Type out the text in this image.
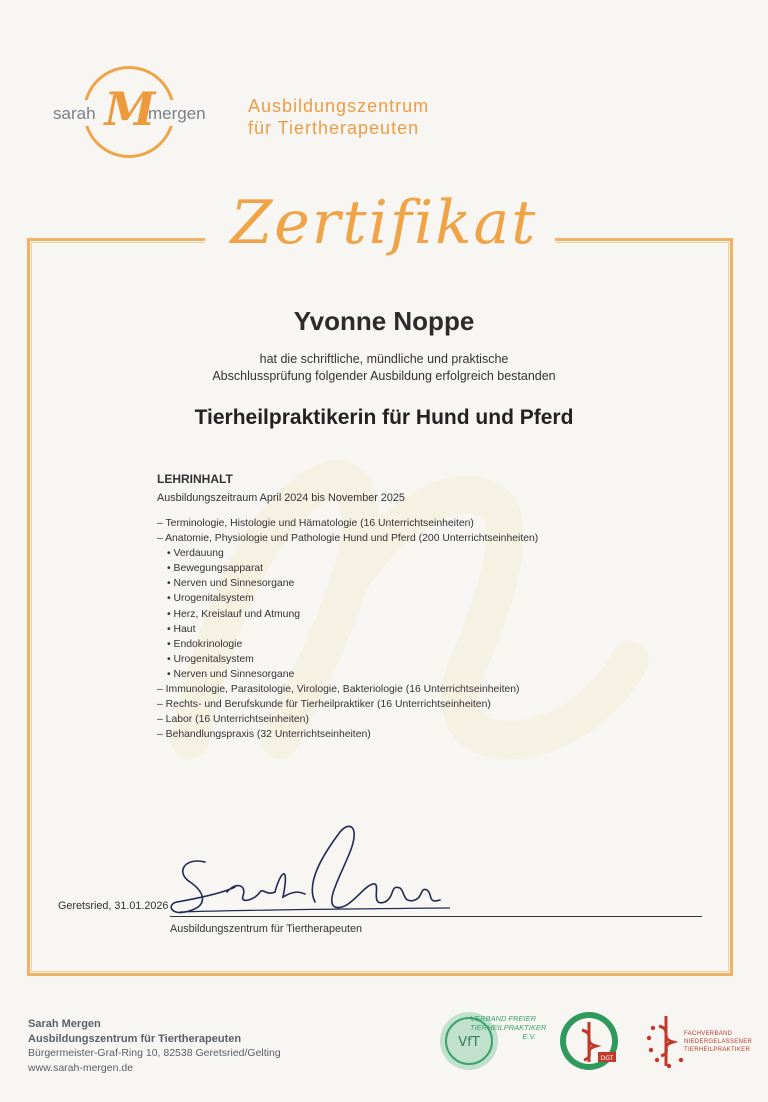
M
sarah	mergen Ausbildungszentrum
für Tiertherapeuten
Zertifikat
Yvonne Noppe
hat die schriftliche, mündliche und praktische
Abschlussprüfung folgender Ausbildung erfolgreich bestanden
Tierheilpraktikerin für Hund und Pferd
LEHRINHALT
Ausbildungszeitraum April 2024 bis November 2025
– Terminologie, Histologie und Hämatologie (16 Unterrichtseinheiten)
– Anatomie, Physiologie und Pathologie Hund und Pferd (200 Unterrichtseinheiten)
• Verdauung
• Bewegungsapparat
• Nerven und Sinnesorgane
• Urogenitalsystem
• Herz, Kreislauf und Atmung
• Haut
• Endokrinologie
• Urogenitalsystem
• Nerven und Sinnesorgane
– Immunologie, Parasitologie, Virologie, Bakteriologie (16 Unterrichtseinheiten)
– Rechts- und Berufskunde für Tierheilpraktiker (16 Unterrichtseinheiten)
– Labor (16 Unterrichtseinheiten)
– Behandlungspraxis (32 Unterrichtseinheiten)
Geretsried, 31.01.2026
Ausbildungszentrum für Tiertherapeuten
Sarah Mergen
Ausbildungszentrum für Tiertherapeuten
Bürgermeister-Graf-Ring 10, 82538 Geretsried/Gelting
www.sarah-mergen.de
VfT
VERBAND FREIER
TIERHEILPRAKTIKER
E.V.
DGT
FACHVERBAND
NIEDERGELASSENER
TIERHEILPRAKTIKER
